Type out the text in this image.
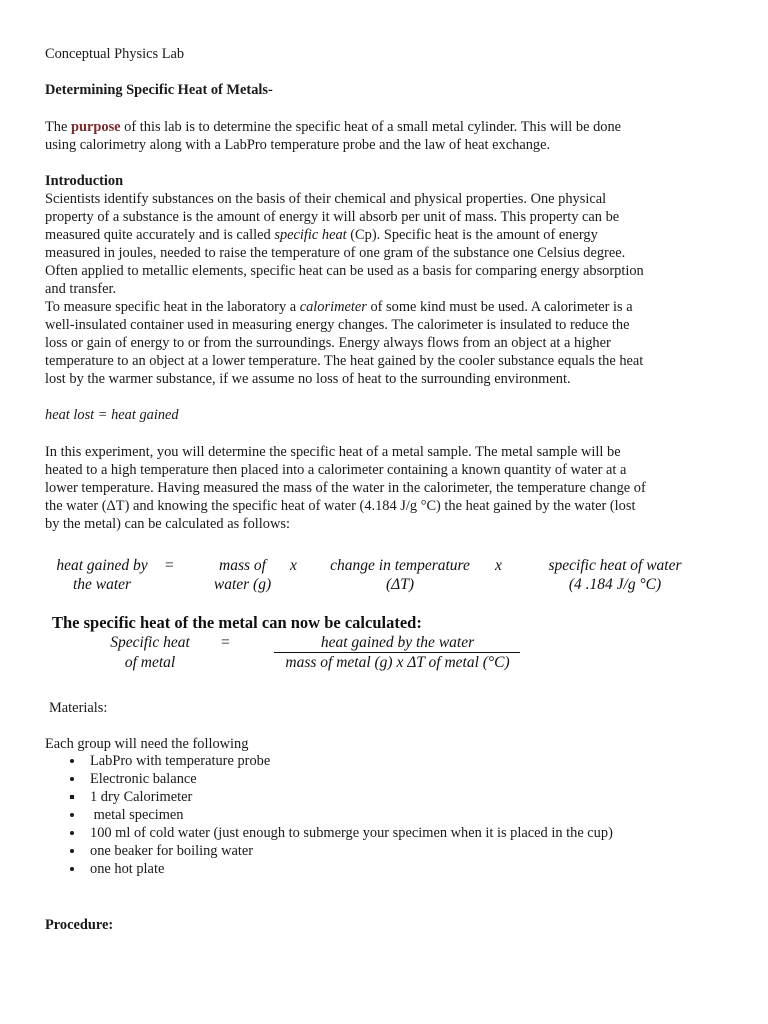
Conceptual Physics Lab
Determining Specific Heat of Metals-
The purpose of this lab is to determine the specific heat of a small metal cylinder. This will be done
using calorimetry along with a LabPro temperature probe and the law of heat exchange.
Introduction
Scientists identify substances on the basis of their chemical and physical properties. One physical
property of a substance is the amount of energy it will absorb per unit of mass. This property can be
measured quite accurately and is called specific heat (Cp). Specific heat is the amount of energy
measured in joules, needed to raise the temperature of one gram of the substance one Celsius degree.
Often applied to metallic elements, specific heat can be used as a basis for comparing energy absorption
and transfer.
To measure specific heat in the laboratory a calorimeter of some kind must be used. A calorimeter is a
well-insulated container used in measuring energy changes. The calorimeter is insulated to reduce the
loss or gain of energy to or from the surroundings. Energy always flows from an object at a higher
temperature to an object at a lower temperature. The heat gained by the cooler substance equals the heat
lost by the warmer substance, if we assume no loss of heat to the surrounding environment.
heat lost = heat gained
In this experiment, you will determine the specific heat of a metal sample. The metal sample will be
heated to a high temperature then placed into a calorimeter containing a known quantity of water at a
lower temperature. Having measured the mass of the water in the calorimeter, the temperature change of
the water (ΔT) and knowing the specific heat of water (4.184 J/g °C) the heat gained by the water (lost
by the metal) can be calculated as follows:
heat gained by
the water
=	mass of
water (g)
x	change in temperature
(ΔT)
x	specific heat of water
(4 .184 J/g °C)
The specific heat of the metal can now be calculated:
Specific heat
of metal
=	heat gained by the water
mass of metal (g) x ΔT of metal (°C)
Materials:
Each group will need the following
LabPro with temperature probe
Electronic balance
1 dry Calorimeter
metal specimen
100 ml of cold water (just enough to submerge your specimen when it is placed in the cup)
one beaker for boiling water
one hot plate
Procedure:
